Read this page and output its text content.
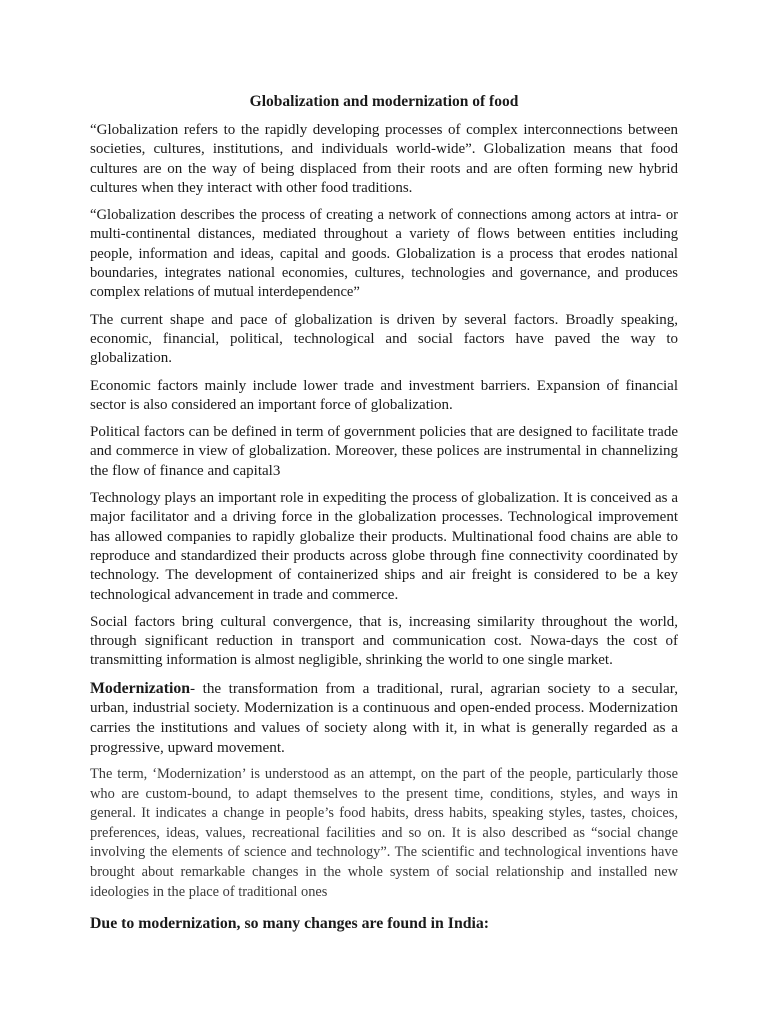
Globalization and modernization of food

“Globalization refers to the rapidly developing processes of complex interconnections between societies, cultures, institutions, and individuals world-wide”. Globalization means that food cultures are on the way of being displaced from their roots and are often forming new hybrid cultures when they interact with other food traditions.

“Globalization describes the process of creating a network of connections among actors at intra- or multi-continental distances, mediated throughout a variety of flows between entities including people, information and ideas, capital and goods. Globalization is a process that erodes national boundaries, integrates national economies, cultures, technologies and governance, and produces complex relations of mutual interdependence”

The current shape and pace of globalization is driven by several factors. Broadly speaking, economic, financial, political, technological and social factors have paved the way to globalization.

Economic factors mainly include lower trade and investment barriers. Expansion of financial sector is also considered an important force of globalization.

Political factors can be defined in term of government policies that are designed to facilitate trade and commerce in view of globalization. Moreover, these polices are instrumental in channelizing the flow of finance and capital3

Technology plays an important role in expediting the process of globalization. It is conceived as a major facilitator and a driving force in the globalization processes. Technological improvement has allowed companies to rapidly globalize their products. Multinational food chains are able to reproduce and standardized their products across globe through fine connectivity coordinated by technology. The development of containerized ships and air freight is considered to be a key technological advancement in trade and commerce.

Social factors bring cultural convergence, that is, increasing similarity throughout the world, through significant reduction in transport and communication cost. Nowa-days the cost of transmitting information is almost negligible, shrinking the world to one single market.

Modernization- the transformation from a traditional, rural, agrarian society to a secular, urban, industrial society. Modernization is a continuous and open-ended process. Modernization carries the institutions and values of society along with it, in what is generally regarded as a progressive, upward movement.

The term, ‘Modernization’ is understood as an attempt, on the part of the people, particularly those who are custom-bound, to adapt themselves to the present time, conditions, styles, and ways in general. It indicates a change in people’s food habits, dress habits, speaking styles, tastes, choices, preferences, ideas, values, recreational facilities and so on. It is also described as “social change involving the elements of science and technology”. The scientific and technological inventions have brought about remarkable changes in the whole system of social relationship and installed new ideologies in the place of traditional ones

Due to modernization, so many changes are found in India:
